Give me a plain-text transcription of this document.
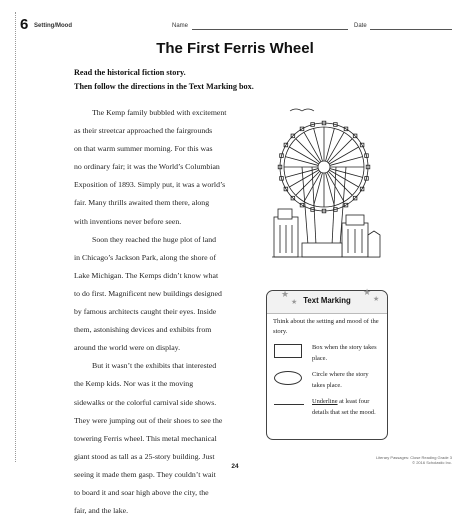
6 Setting/Mood	Name	Date
The First Ferris Wheel
Read the historical fiction story.
Then follow the directions in the Text Marking box.
The Kemp family bubbled with excitement
as their streetcar approached the fairgrounds
on that warm summer morning. For this was
no ordinary fair; it was the World’s Columbian
Exposition of 1893. Simply put, it was a world’s
fair. Many thrills awaited them there, along
with inventions never before seen.
Soon they reached the huge plot of land
in Chicago’s Jackson Park, along the shore of
Lake Michigan. The Kemps didn’t know what
to do first. Magnificent new buildings designed
by famous architects caught their eyes. Inside
them, astonishing devices and exhibits from
around the world were on display.
But it wasn’t the exhibits that interested
the Kemp kids. Nor was it the moving
sidewalks or the colorful carnival side shows.
They were jumping out of their shoes to see the
towering Ferris wheel. This metal mechanical
giant stood as tall as a 25-story building. Just
seeing it made them gasp. They couldn’t wait
to board it and soar high above the city, the
fair, and the lake.
★
★
★
★
Text Marking
Think about the setting and mood of the story.
Box when the story takes place.
Circle where the story takes place.
Underline at least four details that set the mood.
24
Literary Passages: Close Reading Grade 3
© 2016 Scholastic Inc.
